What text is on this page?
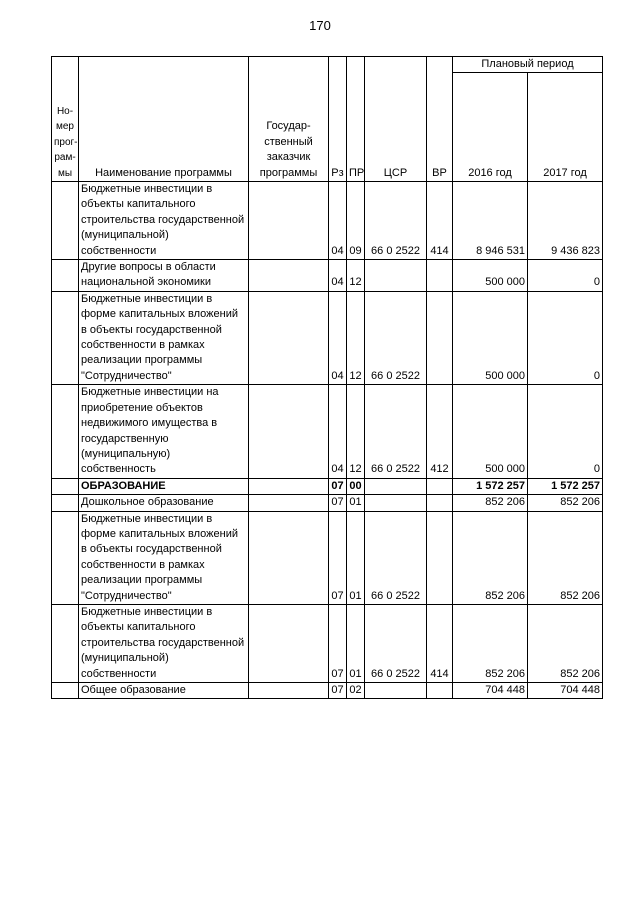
170
Но-
мер
прог-
рам-
мы	Наименование программы	Государ-
ственный
заказчик
программы	Рз	ПР	ЦСР	ВР	Плановый период	
							2016 год	2017 год
	Бюджетные инвестиции в объекты капитального строительства государственной (муниципальной) собственности		04	09	66 0 2522	414	8 946 531	9 436 823
	Другие вопросы в области национальной экономики		04	12			500 000	0
	Бюджетные инвестиции в форме капитальных вложений в объекты государственной собственности в рамках реализации программы "Сотрудничество"		04	12	66 0 2522		500 000	0
	Бюджетные инвестиции на приобретение объектов недвижимого имущества в государственную (муниципальную) собственность		04	12	66 0 2522	412	500 000	0
	ОБРАЗОВАНИЕ		07	00			1 572 257	1 572 257
	Дошкольное образование		07	01			852 206	852 206
	Бюджетные инвестиции в форме капитальных вложений в объекты государственной собственности в рамках реализации программы "Сотрудничество"		07	01	66 0 2522		852 206	852 206
	Бюджетные инвестиции в объекты капитального строительства государственной (муниципальной) собственности		07	01	66 0 2522	414	852 206	852 206
	Общее образование		07	02			704 448	704 448
